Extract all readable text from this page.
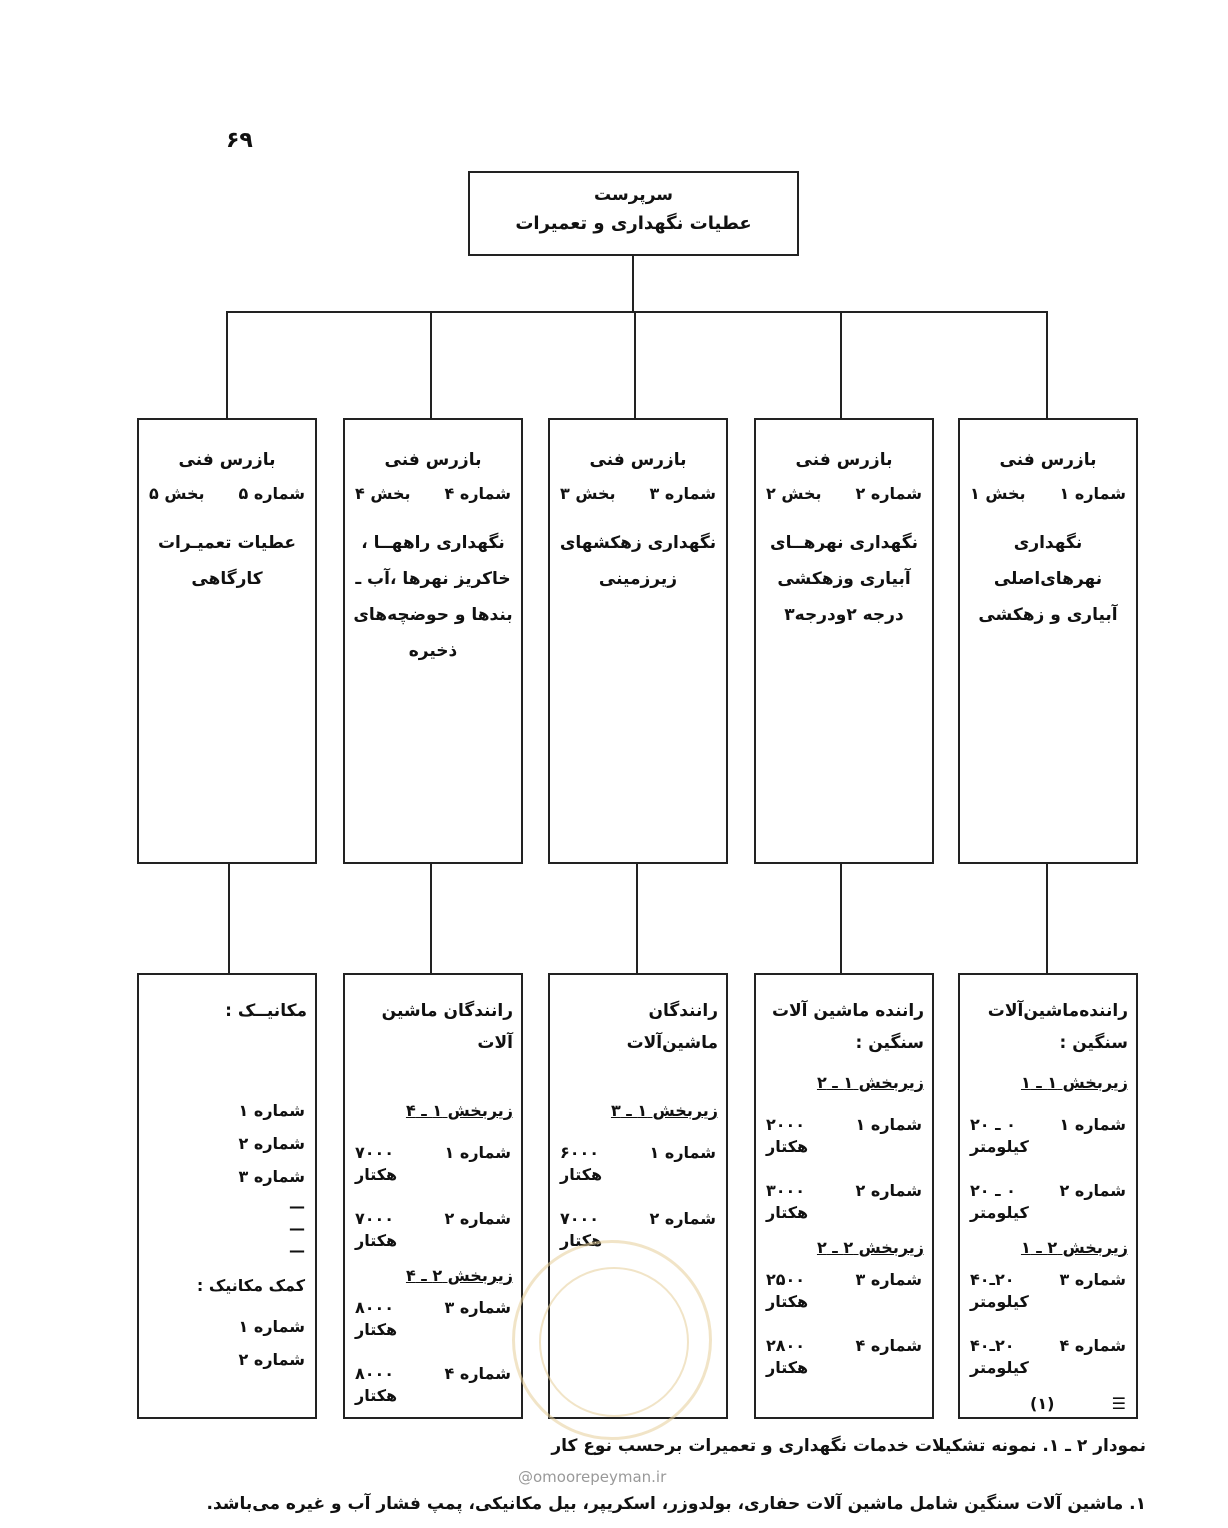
۶۹
سرپرست
عطیات نگهداری و تعمیرات
بازرس فنی
شماره ۵
بخش ۵
عطیات تعمیـرات
کارگاهی
بازرس فنی
شماره ۴
بخش ۴
نگهداری راههــا ،
خاکریز نهرها ،آب ـ
بندها و حوضچه‌های
ذخیره
بازرس فنی
شماره ۳
بخش ۳
نگهداری زهکشهای
زیرزمینی
بازرس فنی
شماره ۲
بخش ۲
نگهداری نهرهــای
آبیاری وزهکشی
درجه ۲ودرجه۳
بازرس فنی
شماره ۱
بخش ۱
نگهداری نهرهای‌اصلی
آبیاری و زهکشی
مکانیــک :
شماره ۱
شماره ۲
شماره ۳
—
—
—
کمک مکانیک :
شماره ۱
شماره ۲
رانندگان ماشین آلات
زیربخش ۱ ـ ۴
شماره ۱
۷۰۰۰
هکتار
شماره ۲
۷۰۰۰
هکتار
زیربخش ۲ ـ ۴
شماره ۳
۸۰۰۰
هکتار
شماره ۴
۸۰۰۰
هکتار
رانندگان ماشین‌آلات
زیربخش ۱ ـ ۳
شماره ۱
۶۰۰۰
هکتار
شماره ۲
۷۰۰۰
هکتار
راننده ماشین آلات
سنگین :
زیربخش ۱ ـ ۲
شماره ۱
۲۰۰۰
هکتار
شماره ۲
۳۰۰۰
هکتار
زیربخش ۲ ـ ۲
شماره ۳
۲۵۰۰
هکتار
شماره ۴
۲۸۰۰
هکتار
راننده‌ماشین‌آلات
سنگین :
زیربخش ۱ ـ ۱
شماره ۱
۰ ـ ۲۰
کیلومتر
شماره ۲
۰ ـ ۲۰
کیلومتر
زیربخش ۲ ـ ۱
شماره ۳
۲۰ـ۴۰
کیلومتر
شماره ۴
۲۰ـ۴۰
کیلومتر
☰
(۱)
نمودار ۲ ـ ۱. نمونه تشکیلات خدمات نگهداری و تعمیرات برحسب نوع کار
@omoorepeyman.ir
۱. ماشین آلات سنگین شامل ماشین آلات حفاری، بولدوزر، اسکریپر، بیل مکانیکی، پمپ فشار آب و غیره می‌باشد.
